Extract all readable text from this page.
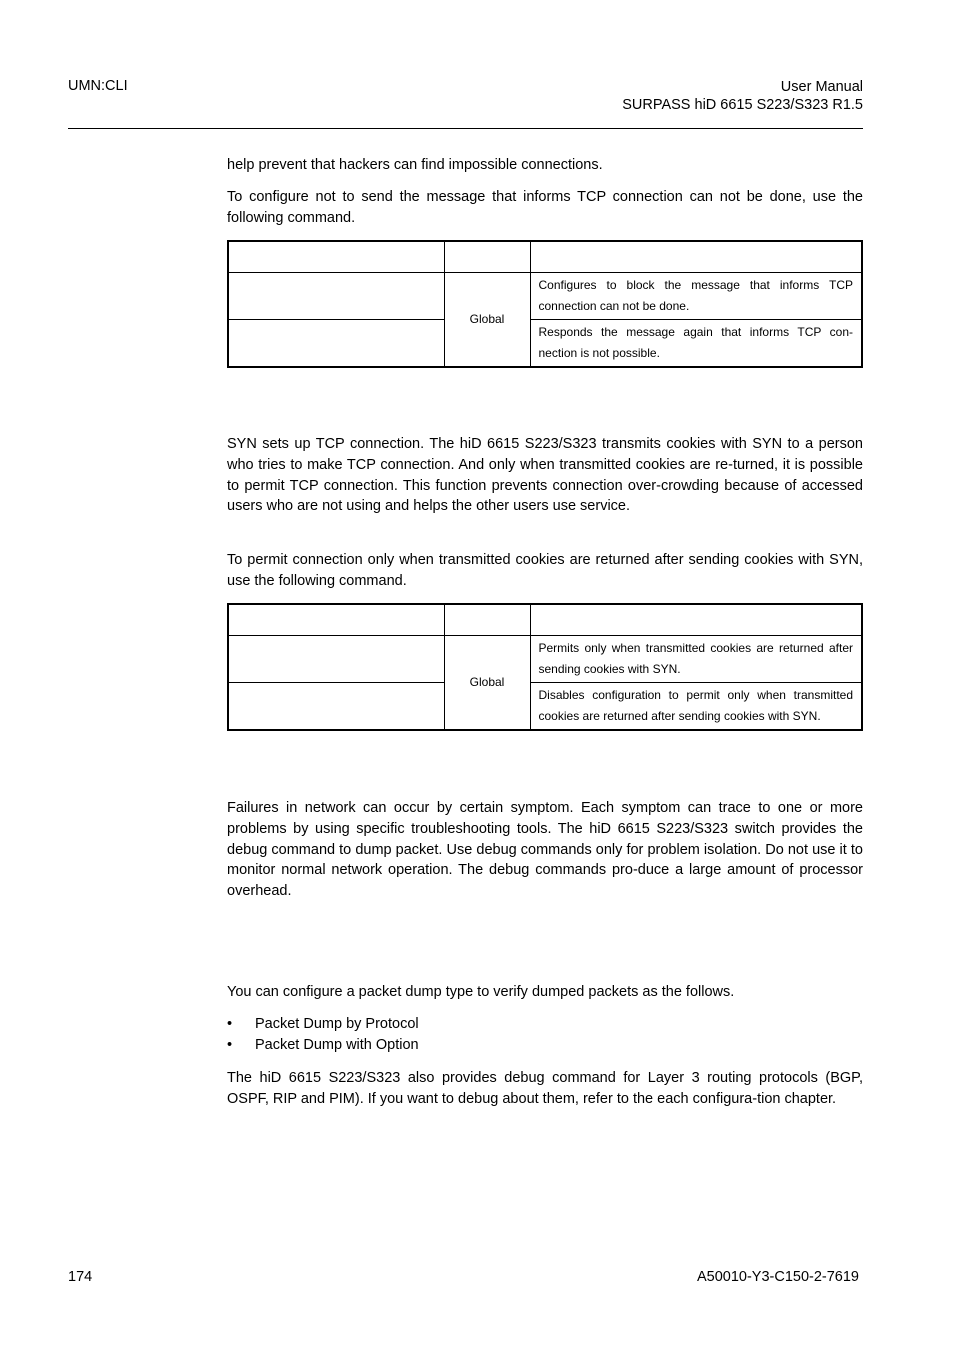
UMN:CLI	User Manual
SURPASS hiD 6615 S223/S323 R1.5

help prevent that hackers can find impossible connections.

To configure not to send the message that informs TCP connection can not be done, use the following command.

	Global	Configures to block the message that informs TCP connection can not be done.
		Responds the message again that informs TCP con-nection is not possible.

SYN sets up TCP connection. The hiD 6615 S223/S323 transmits cookies with SYN to a person who tries to make TCP connection. And only when transmitted cookies are re-turned, it is possible to permit TCP connection. This function prevents connection over-crowding because of accessed users who are not using and helps the other users use service.

To permit connection only when transmitted cookies are returned after sending cookies with SYN, use the following command.

	Global	Permits only when transmitted cookies are returned after sending cookies with SYN.
		Disables configuration to permit only when transmitted cookies are returned after sending cookies with SYN.

Failures in network can occur by certain symptom. Each symptom can trace to one or more problems by using specific troubleshooting tools. The hiD 6615 S223/S323 switch provides the debug command to dump packet. Use debug commands only for problem isolation. Do not use it to monitor normal network operation. The debug commands pro-duce a large amount of processor overhead.

You can configure a packet dump type to verify dumped packets as the follows.

• Packet Dump by Protocol
• Packet Dump with Option

The hiD 6615 S223/S323 also provides debug command for Layer 3 routing protocols (BGP, OSPF, RIP and PIM). If you want to debug about them, refer to the each configura-tion chapter.

174	A50010-Y3-C150-2-7619
